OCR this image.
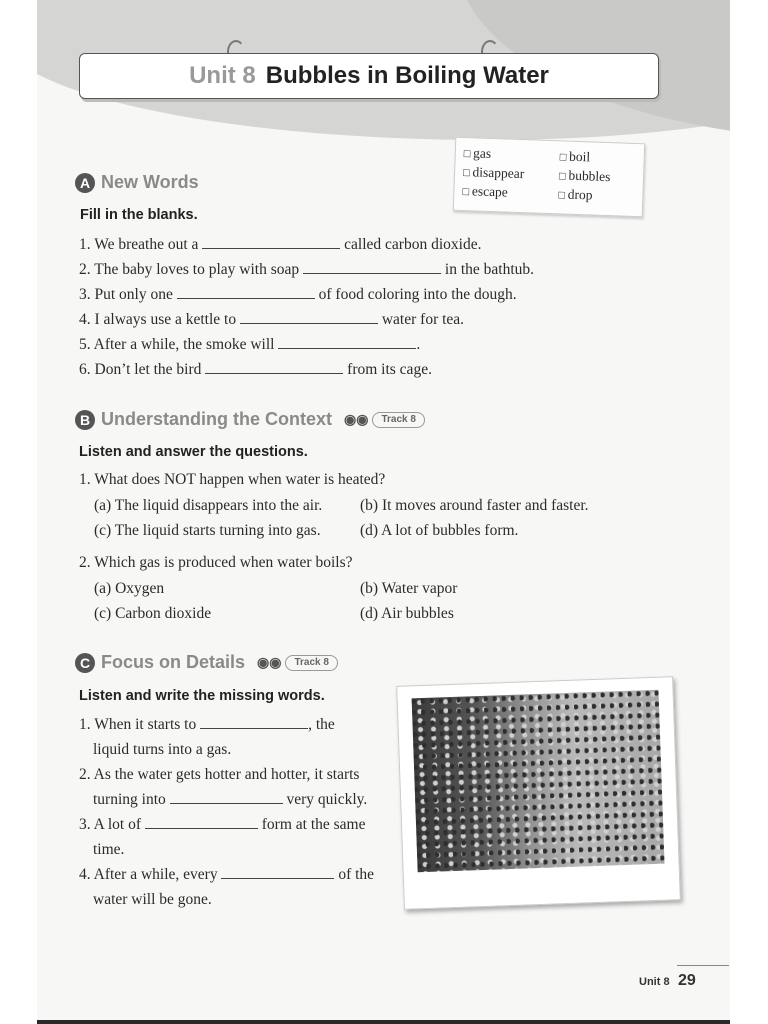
Unit 8 Bubbles in Boiling Water
□ gas
□ disappear
□ escape
□ boil
□ bubbles
□ drop
A New Words
Fill in the blanks.
1. We breathe out a	called carbon dioxide.
2. The baby loves to play with soap	in the bathtub.
3. Put only one	of food coloring into the dough.
4. I always use a kettle to	water for tea.
5. After a while, the smoke will	.
6. Don’t let the bird	from its cage.
B Understanding the Context ◉◉	Track 8
Listen and answer the questions.
1. What does NOT happen when water is heated?
(a) The liquid disappears into the air. (b) It moves around faster and faster.
(c) The liquid starts turning into gas.	(d) A lot of bubbles form.
2. Which gas is produced when water boils?
(a) Oxygen	(b) Water vapor
(c) Carbon dioxide	(d) Air bubbles
C Focus on Details ◉◉	Track 8
Listen and write the missing words.
1. When it starts to	, the
liquid turns into a gas.
2. As the water gets hotter and hotter, it starts
turning into	very quickly.
3. A lot of	form at the same
time.
4. After a while, every	of the
water will be gone.
Unit 8 29
